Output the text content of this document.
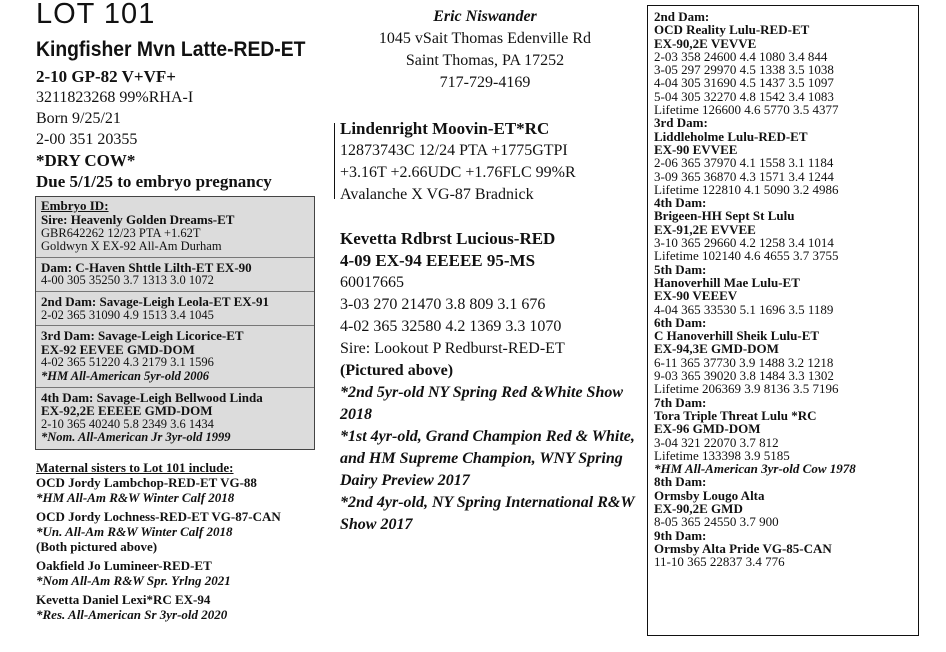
LOT 101
Kingfisher Mvn Latte-RED-ET
2-10 GP-82 V+VF+
3211823268 99%RHA-I
Born 9/25/21
2-00 351 20355
*DRY COW*
Due 5/1/25 to embryo pregnancy
Embryo ID:
Sire: Heavenly Golden Dreams-ET
GBR642262 12/23 PTA +1.62T
Goldwyn X EX-92 All-Am Durham
Dam: C-Haven Shttle Lilth-ET EX-90
4-00 305 35250 3.7 1313 3.0 1072
2nd Dam: Savage-Leigh Leola-ET EX-91
2-02 365 31090 4.9 1513 3.4 1045
3rd Dam: Savage-Leigh Licorice-ET
EX-92 EEVEE GMD-DOM
4-02 365 51220 4.3 2179 3.1 1596
*HM All-American 5yr-old 2006
4th Dam: Savage-Leigh Bellwood Linda
EX-92,2E EEEEE GMD-DOM
2-10 365 40240 5.8 2349 3.6 1434
*Nom. All-American Jr 3yr-old 1999
Maternal sisters to Lot 101 include:
OCD Jordy Lambchop-RED-ET VG-88
*HM All-Am R&W Winter Calf 2018
OCD Jordy Lochness-RED-ET VG-87-CAN
*Un. All-Am R&W Winter Calf 2018
(Both pictured above)
Oakfield Jo Lumineer-RED-ET
*Nom All-Am R&W Spr. Yrlng 2021
Kevetta Daniel Lexi*RC EX-94
*Res. All-American Sr 3yr-old 2020
Eric Niswander
1045 vSait Thomas Edenville Rd
Saint Thomas, PA 17252
717-729-4169
Lindenright Moovin-ET*RC
12873743C 12/24 PTA +1775GTPI
+3.16T +2.66UDC +1.76FLC 99%R
Avalanche X VG-87 Bradnick
Kevetta Rdbrst Lucious-RED
4-09 EX-94 EEEEE 95-MS
60017665
3-03 270 21470 3.8 809 3.1 676
4-02 365 32580 4.2 1369 3.3 1070
Sire: Lookout P Redburst-RED-ET
(Pictured above)
*2nd 5yr-old NY Spring Red &White Show 2018
*1st 4yr-old, Grand Champion Red & White, and HM Supreme Champion, WNY Spring Dairy Preview 2017
*2nd 4yr-old, NY Spring International R&W Show 2017
2nd Dam:
OCD Reality Lulu-RED-ET
EX-90,2E VEVVE
2-03 358 24600 4.4 1080 3.4 844
3-05 297 29970 4.5 1338 3.5 1038
4-04 305 31690 4.5 1437 3.5 1097
5-04 305 32270 4.8 1542 3.4 1083
Lifetime 126600 4.6 5770 3.5 4377
3rd Dam:
Liddleholme Lulu-RED-ET
EX-90 EVVEE
2-06 365 37970 4.1 1558 3.1 1184
3-09 365 36870 4.3 1571 3.4 1244
Lifetime 122810 4.1 5090 3.2 4986
4th Dam:
Brigeen-HH Sept St Lulu
EX-91,2E EVVEE
3-10 365 29660 4.2 1258 3.4 1014
Lifetime 102140 4.6 4655 3.7 3755
5th Dam:
Hanoverhill Mae Lulu-ET
EX-90 VEEEV
4-04 365 33530 5.1 1696 3.5 1189
6th Dam:
C Hanoverhill Sheik Lulu-ET
EX-94,3E GMD-DOM
6-11 365 37730 3.9 1488 3.2 1218
9-03 365 39020 3.8 1484 3.3 1302
Lifetime 206369 3.9 8136 3.5 7196
7th Dam:
Tora Triple Threat Lulu *RC
EX-96 GMD-DOM
3-04 321 22070 3.7 812
Lifetime 133398 3.9 5185
*HM All-American 3yr-old Cow 1978
8th Dam:
Ormsby Lougo Alta
EX-90,2E GMD
8-05 365 24550 3.7 900
9th Dam:
Ormsby Alta Pride VG-85-CAN
11-10 365 22837 3.4 776
